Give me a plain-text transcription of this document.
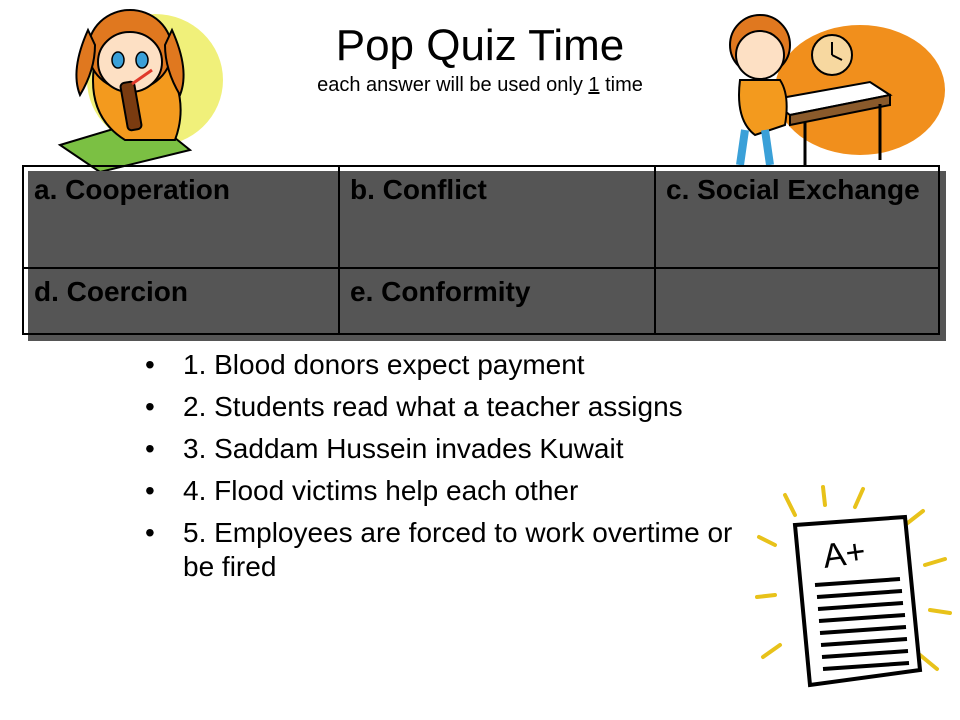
Pop Quiz Time
each answer will be used only 1 time
a. Cooperation	b. Conflict	c. Social Exchange
d. Coercion	e. Conformity	
• 1. Blood donors expect payment
• 2. Students read what a teacher assigns
• 3. Saddam Hussein invades Kuwait
• 4. Flood victims help each other
• 5. Employees are forced to work overtime or be fired	A+
